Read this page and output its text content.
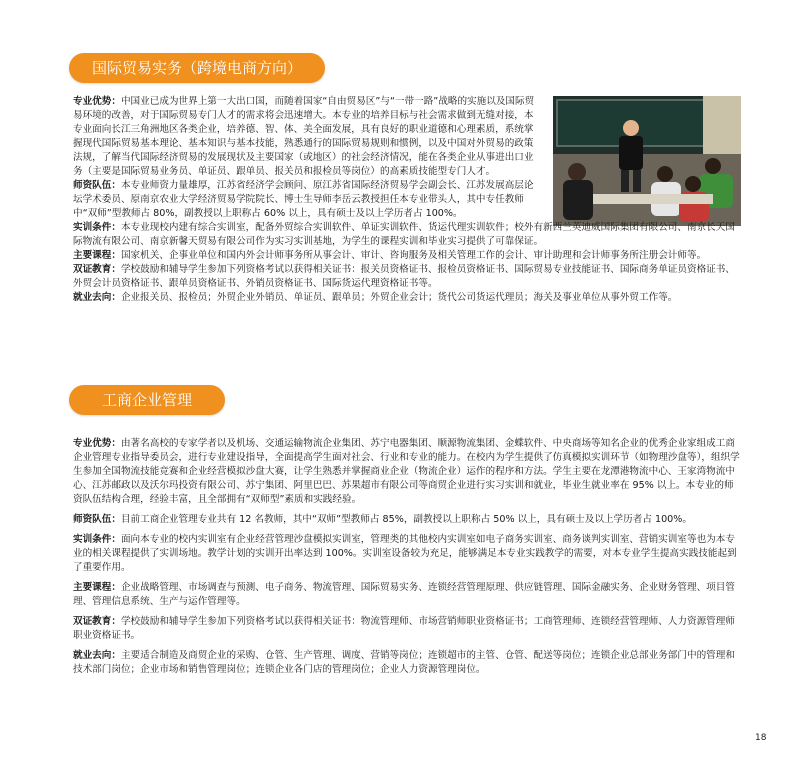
国际贸易实务（跨境电商方向）

专业优势：中国业已成为世界上第一大出口国，而随着国家“自由贸易区”与“一带一路”战略的实施以及国际贸易环境的改善，对于国际贸易专门人才的需求将会迅速增大。本专业的培养目标与社会需求做到无缝对接，本专业面向长江三角洲地区各类企业，培养德、智、体、美全面发展，具有良好的职业道德和心理素质，系统掌握现代国际贸易基本理论、基本知识与基本技能，熟悉通行的国际贸易规则和惯例，以及中国对外贸易的政策法规，了解当代国际经济贸易的发展现状及主要国家（或地区）的社会经济情况，能在各类企业从事进出口业务（主要是国际贸易业务员、单证员、跟单员、报关员和报检员等岗位）的高素质技能型专门人才。

师资队伍：本专业师资力量雄厚，江苏省经济学会顾问、原江苏省国际经济贸易学会副会长、江苏发展高层论坛学术委员、原南京农业大学经济贸易学院院长、博士生导师李岳云教授担任本专业带头人，其中专任教师中“双师”型教师占 80%，副教授以上职称占 60% 以上，具有硕士及以上学历者占 100%。

实训条件：本专业现校内建有综合实训室，配备外贸综合实训软件、单证实训软件、货运代理实训软件；校外有新西兰英迪威国际集团有限公司、南京长天国际物流有限公司、南京新馨天贸易有限公司作为实习实训基地，为学生的课程实训和毕业实习提供了可靠保证。

主要课程：国家机关、企事业单位和国内外会计师事务所从事会计、审计、咨询服务及相关管理工作的会计、审计助理和会计师事务所注册会计师等。

双证教育：学校鼓励和辅导学生参加下列资格考试以获得相关证书：报关员资格证书、报检员资格证书、国际贸易专业技能证书、国际商务单证员资格证书、外贸会计员资格证书、跟单员资格证书、外销员资格证书、国际货运代理资格证书等。

就业去向：企业报关员、报检员；外贸企业外销员、单证员、跟单员；外贸企业会计；货代公司货运代理员；海关及事业单位从事外贸工作等。

工商企业管理

专业优势：由著名高校的专家学者以及机场、交通运输物流企业集团、苏宁电器集团、顺源物流集团、金蝶软件、中央商场等知名企业的优秀企业家组成工商企业管理专业指导委员会，进行专业建设指导，全面提高学生面对社会、行业和专业的能力。在校内为学生提供了仿真模拟实训环节（如物理沙盘等），组织学生参加全国物流技能竞赛和企业经营模拟沙盘大赛，让学生熟悉并掌握商业企业（物流企业）运作的程序和方法。学生主要在龙潭港物流中心、王家湾物流中心、江苏邮政以及沃尔玛投资有限公司、苏宁集团、阿里巴巴、苏果超市有限公司等商贸企业进行实习实训和就业，毕业生就业率在 95% 以上。本专业的师资队伍结构合理，经验丰富，且全部拥有“双师型”素质和实践经验。

师资队伍：目前工商企业管理专业共有 12 名教师，其中“双师”型教师占 85%，副教授以上职称占 50% 以上，具有硕士及以上学历者占 100%。

实训条件：面向本专业的校内实训室有企业经营管理沙盘模拟实训室，管理类的其他校内实训室如电子商务实训室、商务谈判实训室、营销实训室等也为本专业的相关课程提供了实训场地。教学计划的实训开出率达到 100%。实训室设备较为充足，能够满足本专业实践教学的需要，对本专业学生提高实践技能起到了重要作用。

主要课程：企业战略管理、市场调查与预测、电子商务、物流管理、国际贸易实务、连锁经营管理原理、供应链管理、国际金融实务、企业财务管理、项目管理、管理信息系统、生产与运作管理等。

双证教育：学校鼓励和辅导学生参加下列资格考试以获得相关证书：物流管理师、市场营销师职业资格证书；工商管理师、连锁经营管理师、人力资源管理师职业资格证书。

就业去向：主要适合制造及商贸企业的采购、仓管、生产管理、调度、营销等岗位；连锁超市的主管、仓管、配送等岗位；连锁企业总部业务部门中的管理和技术部门岗位；企业市场和销售管理岗位；连锁企业各门店的管理岗位；企业人力资源管理岗位。

18
